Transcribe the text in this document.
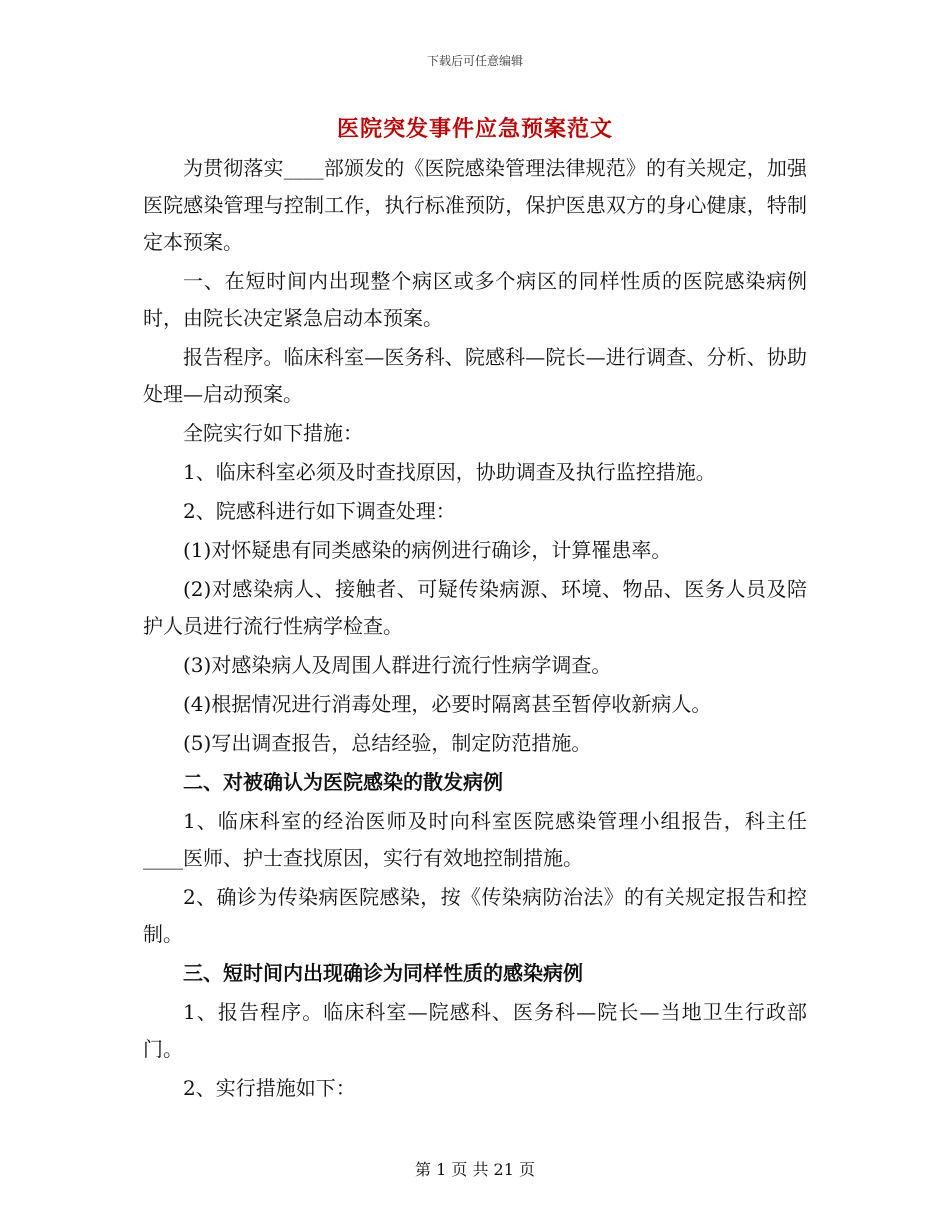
下载后可任意编辑
医院突发事件应急预案范文

为贯彻落实____部颁发的《医院感染管理法律规范》的有关规定，加强医院感染管理与控制工作，执行标准预防，保护医患双方的身心健康，特制定本预案。

一、在短时间内出现整个病区或多个病区的同样性质的医院感染病例时，由院长决定紧急启动本预案。

报告程序。临床科室—医务科、院感科—院长—进行调查、分析、协助处理—启动预案。

全院实行如下措施：

1、临床科室必须及时查找原因，协助调查及执行监控措施。

2、院感科进行如下调查处理：

(1)对怀疑患有同类感染的病例进行确诊，计算罹患率。

(2)对感染病人、接触者、可疑传染病源、环境、物品、医务人员及陪护人员进行流行性病学检查。

(3)对感染病人及周围人群进行流行性病学调查。

(4)根据情况进行消毒处理，必要时隔离甚至暂停收新病人。

(5)写出调查报告，总结经验，制定防范措施。

二、对被确认为医院感染的散发病例

1、临床科室的经治医师及时向科室医院感染管理小组报告，科主任____医师、护士查找原因，实行有效地控制措施。

2、确诊为传染病医院感染，按《传染病防治法》的有关规定报告和控制。

三、短时间内出现确诊为同样性质的感染病例

1、报告程序。临床科室—院感科、医务科—院长—当地卫生行政部门。

2、实行措施如下：

第 1 页 共 21 页
